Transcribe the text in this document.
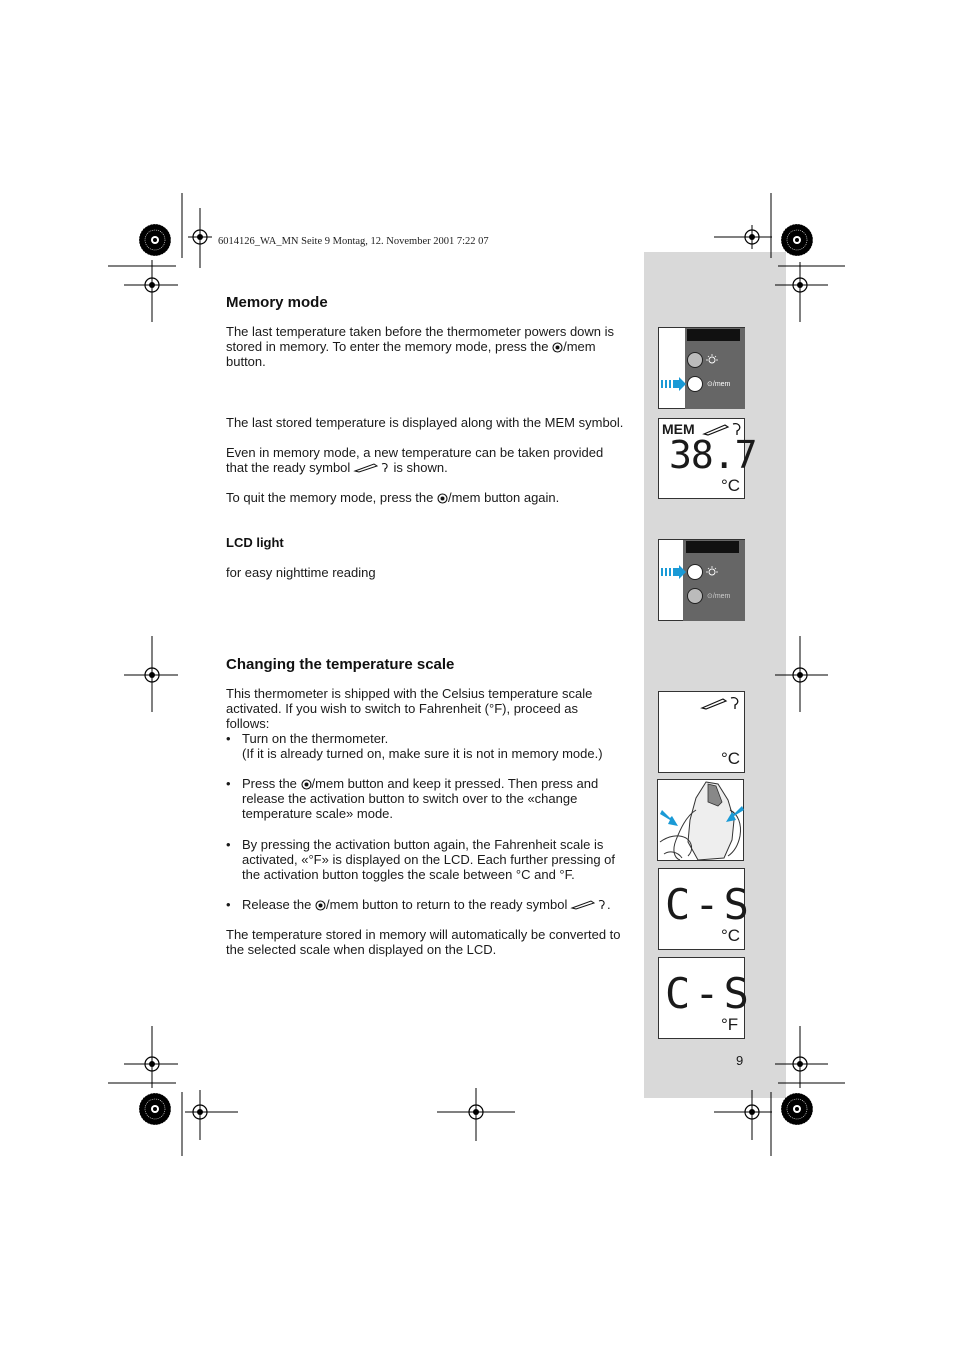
6014126_WA_MN Seite 9 Montag, 12. November 2001 7:22 07
Memory mode

The last temperature taken before the thermometer powers down is stored in memory. To enter the memory mode, press the /mem button.

The last stored temperature is displayed along with the MEM symbol.

Even in memory mode, a new temperature can be taken provided that the ready symbol	is shown.

To quit the memory mode, press the /mem button again.

LCD light

for easy nighttime reading

Changing the temperature scale

This thermometer is shipped with the Celsius temperature scale activated. If you wish to switch to Fahrenheit (°F), proceed as follows:

• Turn on the thermometer.
(If it is already turned on, make sure it is not in memory mode.)
• Press the /mem button and keep it pressed. Then press and release the activation button to switch over to the «change temperature scale» mode.
• By pressing the activation button again, the Fahrenheit scale is activated, «°F» is displayed on the LCD. Each further pressing of the activation button toggles the scale between °C and °F.
• Release the /mem button to return to the ready symbol	.

The temperature stored in memory will automatically be converted to the selected scale when displayed on the LCD.

9
⊙/mem
MEM
38.7
°C
⊙/mem
°C
C-S
°C
C-S
°F
